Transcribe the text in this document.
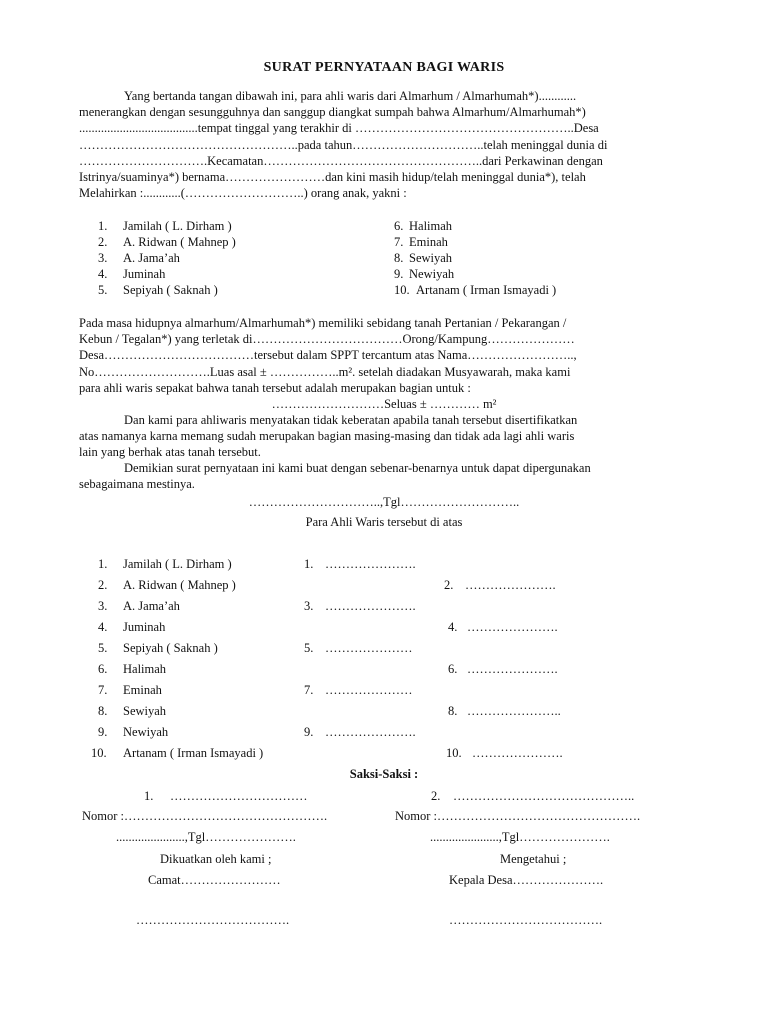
SURAT PERNYATAAN BAGI WARIS
Yang bertanda tangan dibawah ini, para ahli waris dari Almarhum / Almarhumah*)............
menerangkan dengan sesungguhnya dan sanggup diangkat sumpah bahwa Almarhum/Almarhumah*)
......................................tempat tinggal yang terakhir di ……………………………………………..Desa
……………………………………………..pada tahun…………………………..telah meninggal dunia di
………………………….Kecamatan……………………………………………..dari Perkawinan dengan
Istrinya/suaminya*) bernama……………………dan kini masih hidup/telah meninggal dunia*), telah
Melahirkan :............(………………………..) orang anak, yakni :
1. Jamilah ( L. Dirham )
2. A. Ridwan ( Mahnep )
3. A. Jama’ah
4. Juminah
5. Sepiyah ( Saknah )
6. Halimah
7. Eminah
8. Sewiyah
9. Newiyah
10. Artanam ( Irman Ismayadi )
Pada masa hidupnya almarhum/Almarhumah*) memiliki sebidang tanah Pertanian / Pekarangan /
Kebun / Tegalan*) yang terletak di………………………………Orong/Kampung…………………
Desa………………………………tersebut dalam SPPT tercantum atas Nama……………………..,
No……………………….Luas asal ± ……………..m². setelah diadakan Musyawarah, maka kami
para ahli waris sepakat bahwa tanah tersebut adalah merupakan bagian untuk :
………………………Seluas ± ………… m²
Dan kami para ahliwaris menyatakan tidak keberatan apabila tanah tersebut disertifikatkan
atas namanya karna memang sudah merupakan bagian masing-masing dan tidak ada lagi ahli waris
lain yang berhak atas tanah tersebut.
Demikian surat pernyataan ini kami buat dengan sebenar-benarnya untuk dapat dipergunakan
sebagaimana mestinya.
…………………………..,Tgl………………………..
Para Ahli Waris tersebut di atas
1. Jamilah ( L. Dirham )	1. ………………….
2. A. Ridwan ( Mahnep )	2. ………………….
3. A. Jama’ah	3. ………………….
4. Juminah	4. ………………….
5. Sepiyah ( Saknah )	5. …………………
6. Halimah	6. ………………….
7. Eminah	7. …………………
8. Sewiyah	8. …………………..
9. Newiyah	9. ………………….
10. Artanam ( Irman Ismayadi )	10. ………………….
Saksi-Saksi :
1. ……………………………
Nomor :………………………………………….
......................,Tgl………………….
2. ……………………………………..
Nomor :………………………………………….
......................,Tgl………………….
Dikuatkan oleh kami ;
Camat……………………
……………………………….
Mengetahui ;
Kepala Desa………………….
……………………………….
